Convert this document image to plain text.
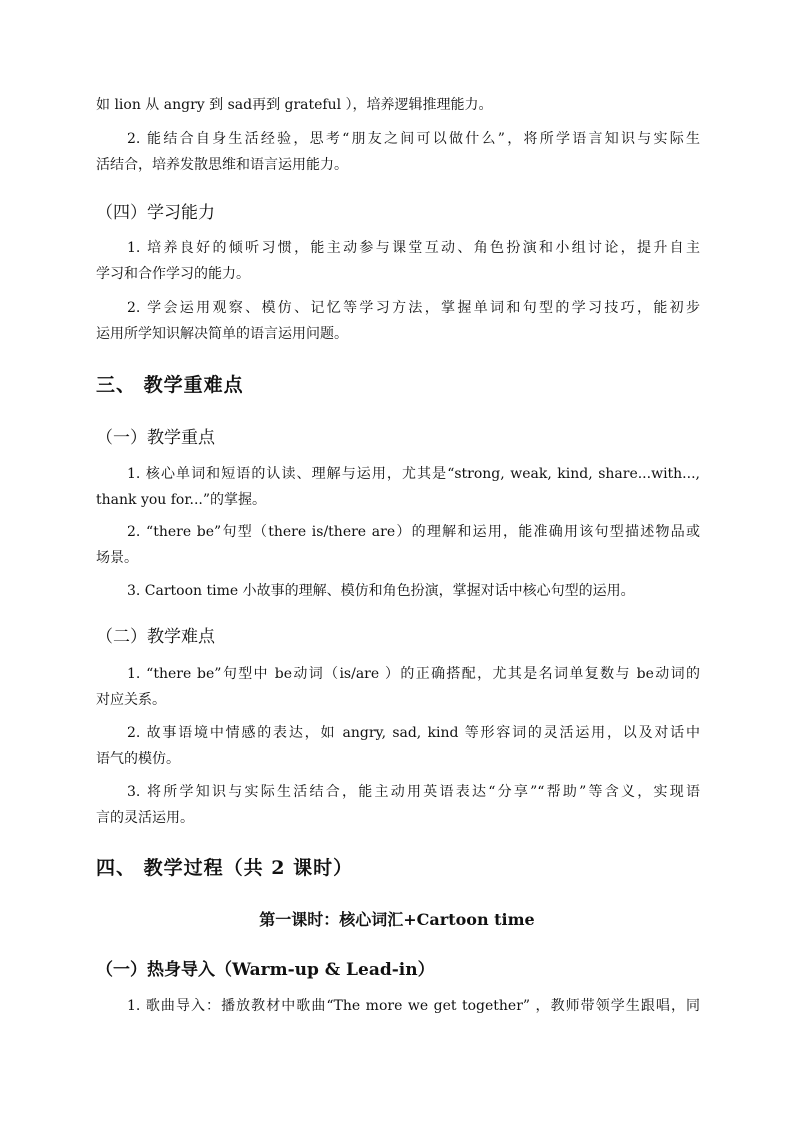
如 lion 从 angry 到 sad再到 grateful ），培养逻辑推理能力。
2. 能结合自身生活经验，思考“朋友之间可以做什么”，将所学语言知识与实际生
活结合，培养发散思维和语言运用能力。
（四）学习能力
1. 培养良好的倾听习惯，能主动参与课堂互动、角色扮演和小组讨论，提升自主
学习和合作学习的能力。
2. 学会运用观察、模仿、记忆等学习方法，掌握单词和句型的学习技巧，能初步
运用所学知识解决简单的语言运用问题。
三、 教学重难点
（一）教学重点
1. 核心单词和短语的认读、理解与运用，尤其是“strong, weak, kind, share...with...,
thank you for...”的掌握。
2. “there be”句型（there is/there are）的理解和运用，能准确用该句型描述物品或
场景。
3. Cartoon time 小故事的理解、模仿和角色扮演，掌握对话中核心句型的运用。
（二）教学难点
1. “there be”句型中 be动词（is/are ）的正确搭配，尤其是名词单复数与 be动词的
对应关系。
2. 故事语境中情感的表达，如 angry, sad, kind 等形容词的灵活运用，以及对话中
语气的模仿。
3. 将所学知识与实际生活结合，能主动用英语表达“分享”“帮助”等含义，实现语
言的灵活运用。
四、 教学过程（共 2 课时）
第一课时：核心词汇+Cartoon time
（一）热身导入（Warm-up & Lead-in）
1. 歌曲导入：播放教材中歌曲“The more we get together” ，教师带领学生跟唱，同
